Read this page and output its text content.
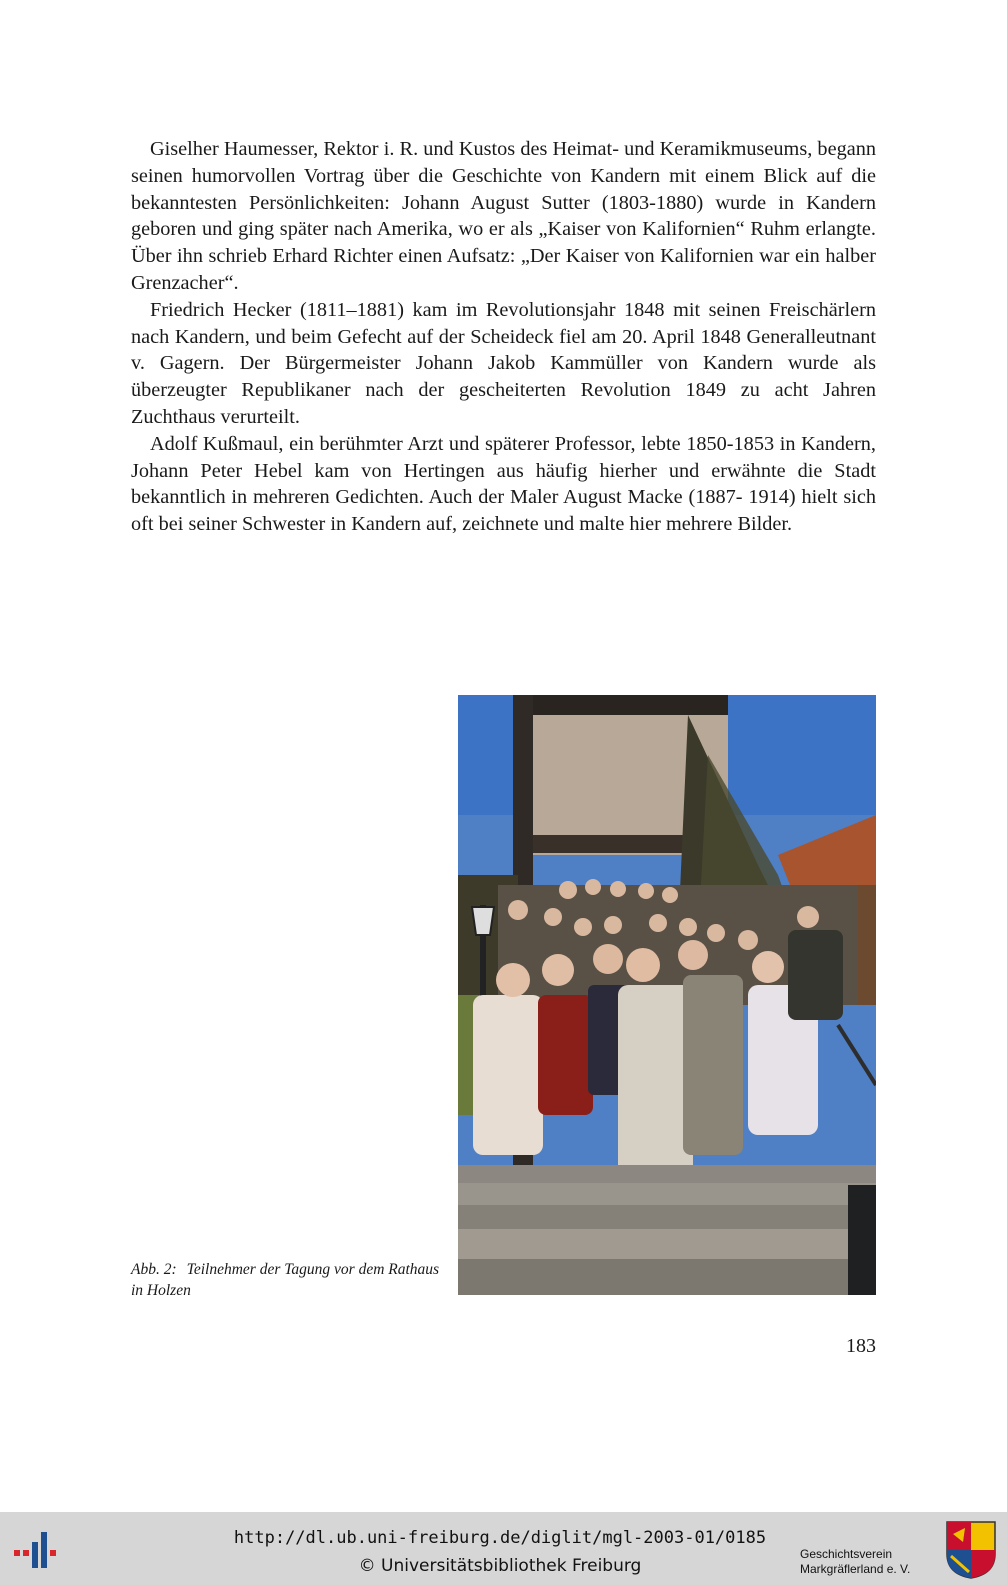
Giselher Haumesser, Rektor i. R. und Kustos des Heimat- und Keramikmuseums, begann seinen humorvollen Vortrag über die Geschichte von Kandern mit einem Blick auf die bekanntesten Persönlichkeiten: Johann August Sutter (1803-1880) wurde in Kandern geboren und ging später nach Amerika, wo er als „Kaiser von Kalifornien“ Ruhm erlangte. Über ihn schrieb Erhard Richter einen Aufsatz: „Der Kaiser von Kalifornien war ein halber Grenzacher“.

Friedrich Hecker (1811–1881) kam im Revolutionsjahr 1848 mit seinen Freischärlern nach Kandern, und beim Gefecht auf der Scheideck fiel am 20. April 1848 Generalleutnant v. Gagern. Der Bürgermeister Johann Jakob Kammüller von Kandern wurde als überzeugter Republikaner nach der gescheiterten Revolution 1849 zu acht Jahren Zuchthaus verurteilt.

Adolf Kußmaul, ein berühmter Arzt und späterer Professor, lebte 1850-1853 in Kandern, Johann Peter Hebel kam von Hertingen aus häufig hierher und erwähnte die Stadt bekanntlich in mehreren Gedichten. Auch der Maler August Macke (1887- 1914) hielt sich oft bei seiner Schwester in Kandern auf, zeichnete und malte hier mehrere Bilder.

Abb. 2: Teilnehmer der Tagung vor dem Rathaus in Holzen
183
http://dl.ub.uni-freiburg.de/diglit/mgl-2003-01/0185
© Universitätsbibliothek Freiburg
Geschichtsverein
Markgräflerland e. V.
